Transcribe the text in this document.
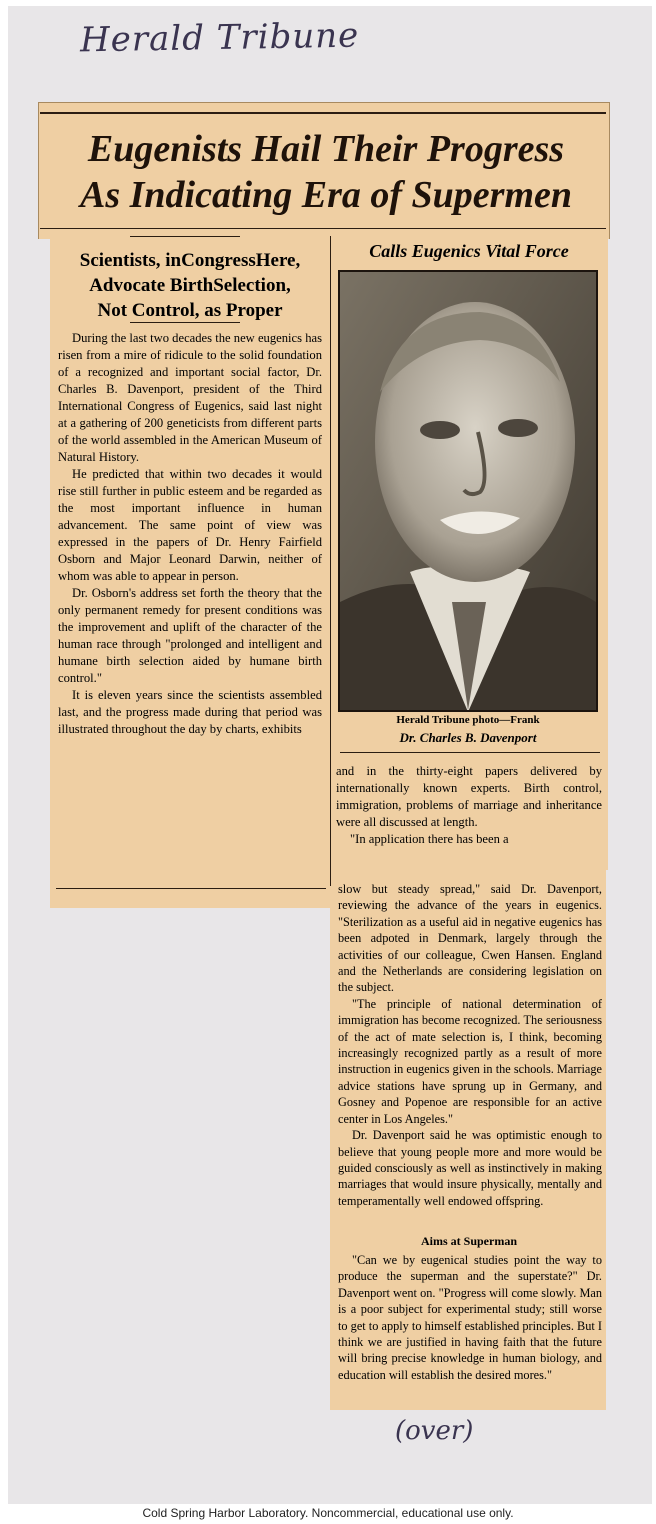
Herald Tribune
Eugenists Hail Their Progress
As Indicating Era of Supermen
Scientists, inCongressHere,
Advocate BirthSelection,
Not Control, as Proper
Calls Eugenics Vital Force
Herald Tribune photo—Frank
Dr. Charles B. Davenport

During the last two decades the new eugenics has risen from a mire of ridicule to the solid foundation of a recognized and important social factor, Dr. Charles B. Davenport, president of the Third International Congress of Eugenics, said last night at a gathering of 200 geneticists from different parts of the world assembled in the American Museum of Natural History.

He predicted that within two decades it would rise still further in public esteem and be regarded as the most important influence in human advancement. The same point of view was expressed in the papers of Dr. Henry Fairfield Osborn and Major Leonard Darwin, neither of whom was able to appear in person.

Dr. Osborn's address set forth the theory that the only permanent remedy for present conditions was the improvement and uplift of the character of the human race through "prolonged and intelligent and humane birth selection aided by humane birth control."

It is eleven years since the scientists assembled last, and the progress made during that period was illustrated throughout the day by charts, exhibits

and in the thirty-eight papers delivered by internationally known experts. Birth control, immigration, problems of marriage and inheritance were all discussed at length.

"In application there has been a

slow but steady spread," said Dr. Davenport, reviewing the advance of the years in eugenics. "Sterilization as a useful aid in negative eugenics has been adpoted in Denmark, largely through the activities of our colleague, Cwen Hansen. England and the Netherlands are considering legislation on the subject.

"The principle of national determination of immigration has become recognized. The seriousness of the act of mate selection is, I think, becoming increasingly recognized partly as a result of more instruction in eugenics given in the schools. Marriage advice stations have sprung up in Germany, and Gosney and Popenoe are responsible for an active center in Los Angeles."

Dr. Davenport said he was optimistic enough to believe that young people more and more would be guided consciously as well as instinctively in making marriages that would insure physically, mentally and temperamentally well endowed offspring.

Aims at Superman

"Can we by eugenical studies point the way to produce the superman and the superstate?" Dr. Davenport went on. "Progress will come slowly. Man is a poor subject for experimental study; still worse to get to apply to himself established principles. But I think we are justified in having faith that the future will bring precise knowledge in human biology, and education will establish the desired mores."

(over)
Cold Spring Harbor Laboratory. Noncommercial, educational use only.
